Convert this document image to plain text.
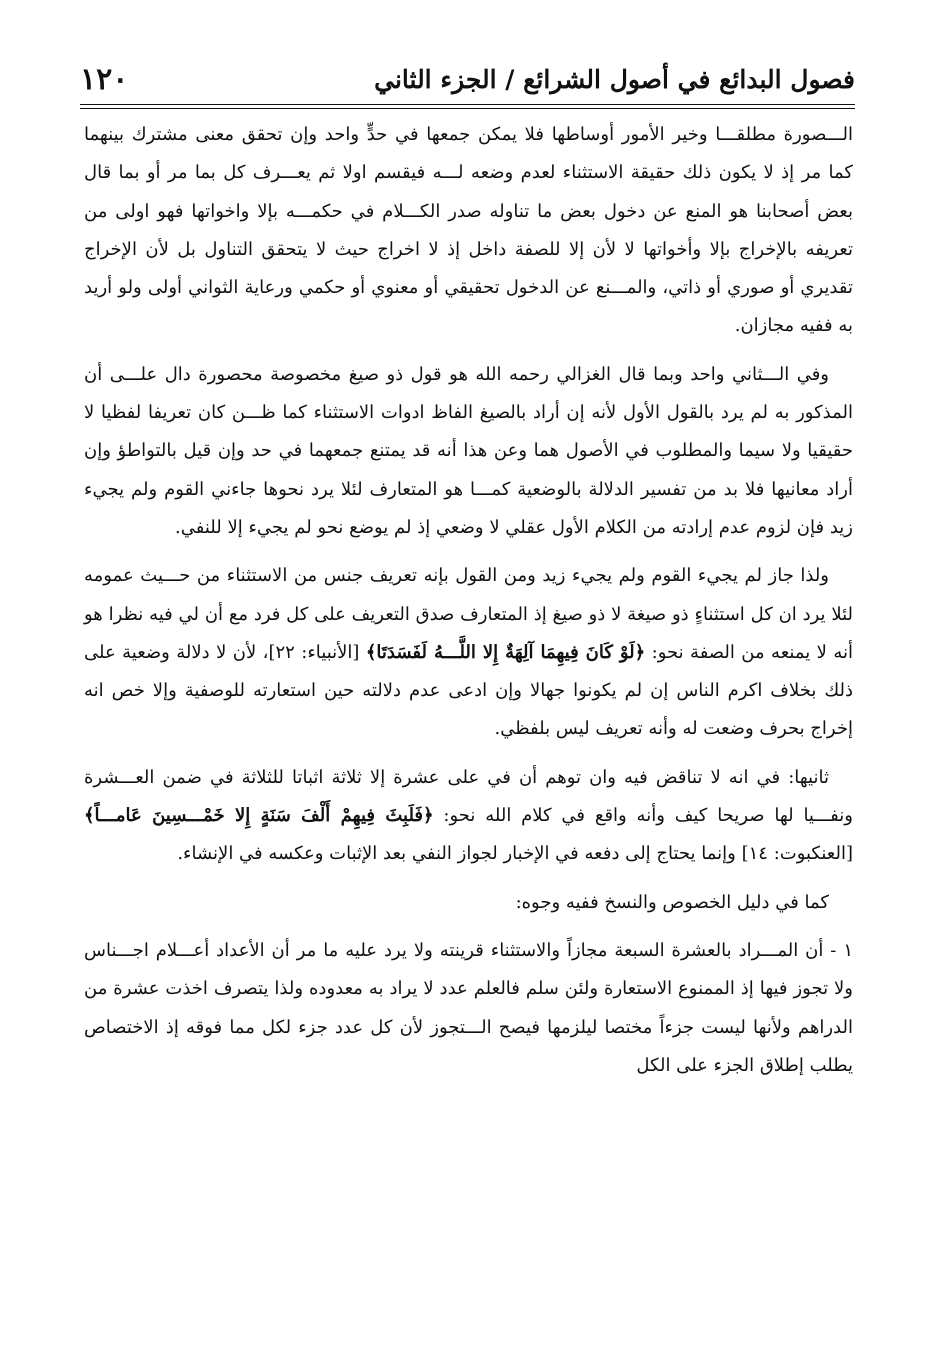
فصول البدائع في أصول الشرائع / الجزء الثاني
١٢٠

الـــصورة مطلقـــا وخير الأمور أوساطها فلا يمكن جمعها في حدٍّ واحد وإن تحقق معنى مشترك بينهما كما مر إذ لا يكون ذلك حقيقة الاستثناء لعدم وضعه لـــه فيقسم اولا ثم يعـــرف كل بما مر أو بما قال بعض أصحابنا هو المنع عن دخول بعض ما تناوله صدر الكـــلام في حكمـــه بإلا واخواتها فهو اولى من تعريفه بالإخراج بإلا وأخواتها لا لأن إلا للصفة داخل إذ لا اخراج حيث لا يتحقق التناول بل لأن الإخراج تقديري أو صوري أو ذاتي، والمـــنع عن الدخول تحقيقي أو معنوي أو حكمي ورعاية الثواني أولى ولو أريد به ففيه مجازان.

وفي الـــثاني واحد وبما قال الغزالي رحمه الله هو قول ذو صيغ مخصوصة محصورة دال علـــى أن المذكور به لم يرد بالقول الأول لأنه إن أراد بالصيغ الفاظ ادوات الاستثناء كما ظـــن كان تعريفا لفظيا لا حقيقيا ولا سيما والمطلوب في الأصول هما وعن هذا أنه قد يمتنع جمعهما في حد وإن قيل بالتواطؤ وإن أراد معانيها فلا بد من تفسير الدلالة بالوضعية كمـــا هو المتعارف لئلا يرد نحوها جاءني القوم ولم يجيء زيد فإن لزوم عدم إرادته من الكلام الأول عقلي لا وضعي إذ لم يوضع نحو لم يجيء إلا للنفي.

ولذا جاز لم يجيء القوم ولم يجيء زيد ومن القول بإنه تعريف جنس من الاستثناء من حـــيث عمومه لئلا يرد ان كل استثناءٍ ذو صيغة لا ذو صيغ إذ المتعارف صدق التعريف على كل فرد مع أن لي فيه نظرا هو أنه لا يمنعه من الصفة نحو: ﴿لَوْ كَانَ فِيهِمَا آلِهَةٌ إِلا اللَّـــهُ لَفَسَدَتَا﴾ [الأنبياء: ٢٢]، لأن لا دلالة وضعية على ذلك بخلاف اكرم الناس إن لم يكونوا جهالا وإن ادعى عدم دلالته حين استعارته للوصفية وإلا خص انه إخراج بحرف وضعت له وأنه تعريف ليس بلفظي.

ثانيها: في انه لا تناقض فيه وان توهم أن في على عشرة إلا ثلاثة اثباتا للثلاثة في ضمن العـــشرة ونفـــيا لها صريحا كيف وأنه واقع في كلام الله نحو: ﴿فَلَبِثَ فِيهِمْ أَلْفَ سَنَةٍ إِلا خَمْـــسِينَ عَامـــاً﴾ [العنكبوت: ١٤] وإنما يحتاج إلى دفعه في الإخبار لجواز النفي بعد الإثبات وعكسه في الإنشاء.

كما في دليل الخصوص والنسخ ففيه وجوه:

١ - أن المـــراد بالعشرة السبعة مجازاً والاستثناء قرينته ولا يرد عليه ما مر أن الأعداد أعـــلام اجـــناس ولا تجوز فيها إذ الممنوع الاستعارة ولئن سلم فالعلم عدد لا يراد به معدوده ولذا يتصرف اخذت عشرة من الدراهم ولأنها ليست جزءاً مختصا ليلزمها فيصح الـــتجوز لأن كل عدد جزء لكل مما فوقه إذ الاختصاص يطلب إطلاق الجزء على الكل
